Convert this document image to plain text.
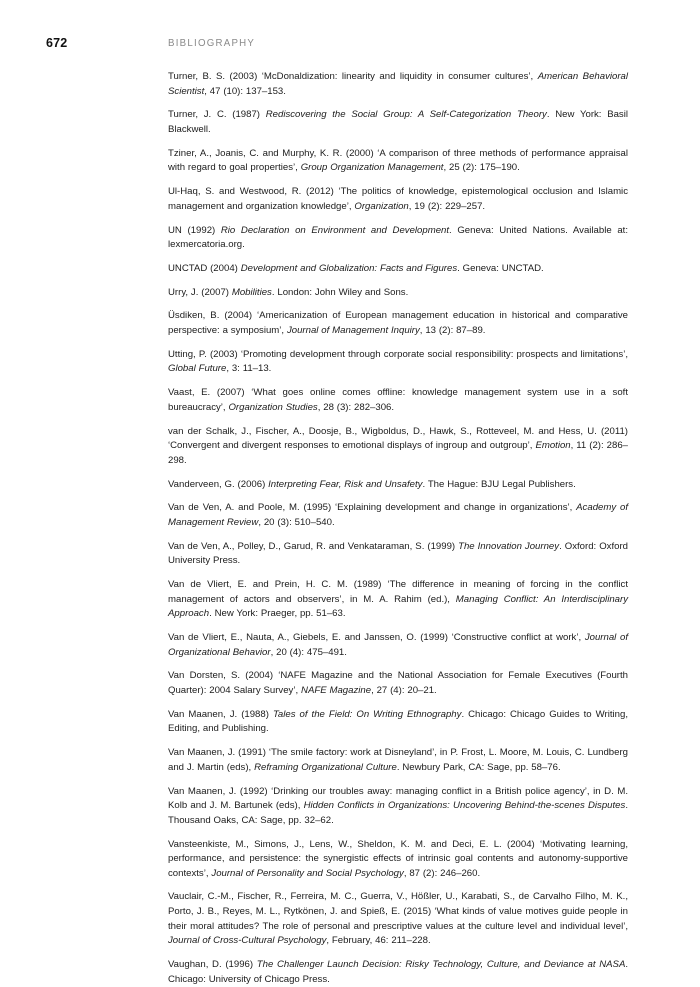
672	BIBLIOGRAPHY

Turner, B. S. (2003) ‘McDonaldization: linearity and liquidity in consumer cultures’, American Behavioral Scientist, 47 (10): 137–153.

Turner, J. C. (1987) Rediscovering the Social Group: A Self-Categorization Theory. New York: Basil Blackwell.

Tziner, A., Joanis, C. and Murphy, K. R. (2000) ‘A comparison of three methods of performance appraisal with regard to goal properties’, Group Organization Management, 25 (2): 175–190.

Ul-Haq, S. and Westwood, R. (2012) ‘The politics of knowledge, epistemological occlusion and Islamic management and organization knowledge’, Organization, 19 (2): 229–257.

UN (1992) Rio Declaration on Environment and Development. Geneva: United Nations. Available at: lexmercatoria.org.

UNCTAD (2004) Development and Globalization: Facts and Figures. Geneva: UNCTAD.

Urry, J. (2007) Mobilities. London: John Wiley and Sons.

Üsdiken, B. (2004) ‘Americanization of European management education in historical and comparative perspective: a symposium’, Journal of Management Inquiry, 13 (2): 87–89.

Utting, P. (2003) ‘Promoting development through corporate social responsibility: prospects and limitations’, Global Future, 3: 11–13.

Vaast, E. (2007) ‘What goes online comes offline: knowledge management system use in a soft bureaucracy’, Organization Studies, 28 (3): 282–306.

van der Schalk, J., Fischer, A., Doosje, B., Wigboldus, D., Hawk, S., Rotteveel, M. and Hess, U. (2011) ‘Convergent and divergent responses to emotional displays of ingroup and outgroup’, Emotion, 11 (2): 286–298.

Vanderveen, G. (2006) Interpreting Fear, Risk and Unsafety. The Hague: BJU Legal Publishers.

Van de Ven, A. and Poole, M. (1995) ‘Explaining development and change in organizations’, Academy of Management Review, 20 (3): 510–540.

Van de Ven, A., Polley, D., Garud, R. and Venkataraman, S. (1999) The Innovation Journey. Oxford: Oxford University Press.

Van de Vliert, E. and Prein, H. C. M. (1989) ‘The difference in meaning of forcing in the conflict management of actors and observers’, in M. A. Rahim (ed.), Managing Conflict: An Interdisciplinary Approach. New York: Praeger, pp. 51–63.

Van de Vliert, E., Nauta, A., Giebels, E. and Janssen, O. (1999) ‘Constructive conflict at work’, Journal of Organizational Behavior, 20 (4): 475–491.

Van Dorsten, S. (2004) ‘NAFE Magazine and the National Association for Female Executives (Fourth Quarter): 2004 Salary Survey’, NAFE Magazine, 27 (4): 20–21.

Van Maanen, J. (1988) Tales of the Field: On Writing Ethnography. Chicago: Chicago Guides to Writing, Editing, and Publishing.

Van Maanen, J. (1991) ‘The smile factory: work at Disneyland’, in P. Frost, L. Moore, M. Louis, C. Lundberg and J. Martin (eds), Reframing Organizational Culture. Newbury Park, CA: Sage, pp. 58–76.

Van Maanen, J. (1992) ‘Drinking our troubles away: managing conflict in a British police agency’, in D. M. Kolb and J. M. Bartunek (eds), Hidden Conflicts in Organizations: Uncovering Behind-the-scenes Disputes. Thousand Oaks, CA: Sage, pp. 32–62.

Vansteenkiste, M., Simons, J., Lens, W., Sheldon, K. M. and Deci, E. L. (2004) ‘Motivating learning, performance, and persistence: the synergistic effects of intrinsic goal contents and autonomy-supportive contexts’, Journal of Personality and Social Psychology, 87 (2): 246–260.

Vauclair, C.-M., Fischer, R., Ferreira, M. C., Guerra, V., Hößler, U., Karabati, S., de Carvalho Filho, M. K., Porto, J. B., Reyes, M. L., Rytkönen, J. and Spieß, E. (2015) ‘What kinds of value motives guide people in their moral attitudes? The role of personal and prescriptive values at the culture level and individual level’, Journal of Cross-Cultural Psychology, February, 46: 211–228.

Vaughan, D. (1996) The Challenger Launch Decision: Risky Technology, Culture, and Deviance at NASA. Chicago: University of Chicago Press.
